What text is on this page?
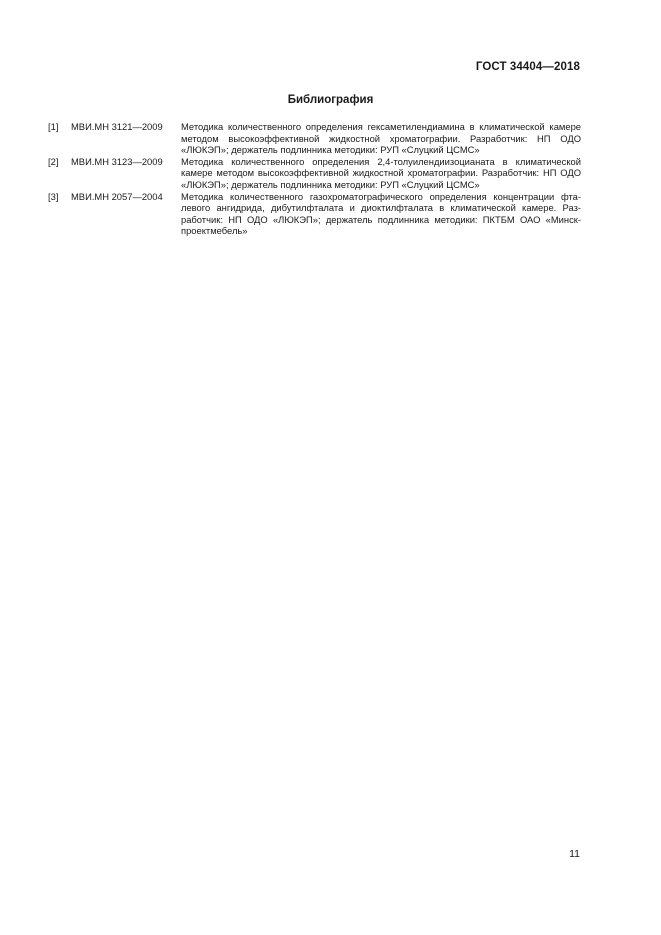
ГОСТ 34404—2018
Библиография
[1]	МВИ.МН 3121—2009	Методика количественного определения гексаметилендиамина в климатической камере методом высокоэффективной жидкостной хроматографии. Разработчик: НП ОДО «ЛЮКЭП»; держатель подлинника методики: РУП «Слуцкий ЦСМС»
[2]	МВИ.МН 3123—2009	Методика количественного определения 2,4-толуилендиизоцианата в климатической камере методом высокоэффективной жидкостной хроматографии. Разработчик: НП ОДО «ЛЮКЭП»; держатель подлинника методики: РУП «Слуцкий ЦСМС»
[3]	МВИ.МН 2057—2004	Методика количественного газохроматографического определения концентрации фталевого ангидрида, дибутилфталата и диоктилфталата в климатической камере. Разработчик: НП ОДО «ЛЮКЭП»; держатель подлинника методики: ПКТБМ ОАО «Минскпроектмебель»
11
